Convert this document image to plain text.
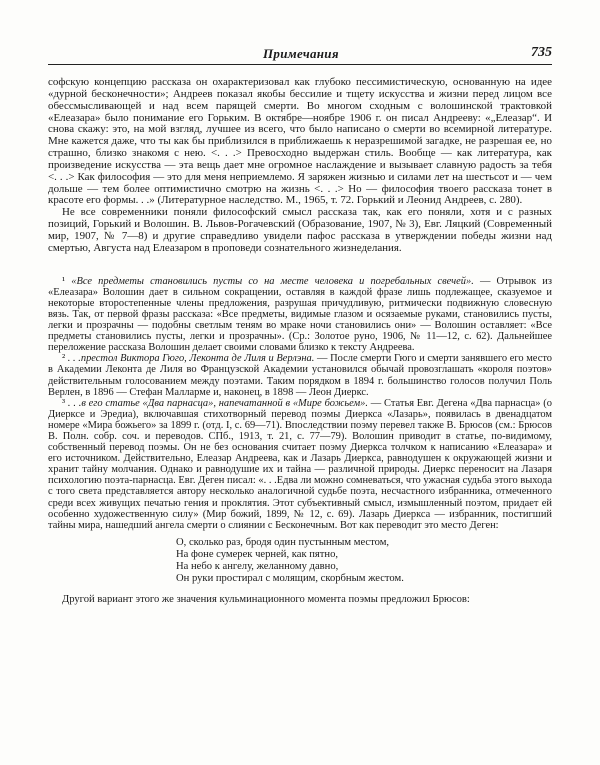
Примечания	735

софскую концепцию рассказа он охарактеризовал как глубоко пессимистическую, основанную на идее «дурной бесконечности»; Андреев показал якобы бессилие и тщету искусства и жизни перед лицом все обессмысливающей и над всем парящей смерти. Во многом сходным с волошинской трактовкой «Елеазара» было понимание его Горьким. В октябре—ноябре 1906 г. он писал Андрееву: «„Елеазар“. И снова скажу: это, на мой взгляд, лучшее из всего, что было написано о смерти во всемирной литературе. Мне кажется даже, что ты как бы приблизился в приближаешь к неразрешимой загадке, не разрешая ее, но страшно, близко знакомя с нею. <. . .> Превосходно выдержан стиль. Вообще — как литература, как произведение искусства — эта вещь дает мне огромное наслаждение и вызывает славную радость за тебя <. . .> Как философия — это для меня неприемлемо. Я заряжен жизнью и силами лет на шестьсот и — чем дольше — тем более оптимистично смотрю на жизнь <. . .> Но — философия твоего рассказа тонет в красоте его формы. . .» (Литературное наследство. М., 1965, т. 72. Горький и Леонид Андреев, с. 280).

Не все современники поняли философский смысл рассказа так, как его поняли, хотя и с разных позиций, Горький и Волошин. В. Львов-Рогачевский (Образование, 1907, № 3), Евг. Ляцкий (Современный мир, 1907, № 7—8) и другие справедливо увидели пафос рассказа в утверждении победы жизни над смертью, Августа над Елеазаром в проповеди сознательного жизнеделания.

¹ «Все предметы становились пусты со на месте человека и погребальных свечей». — Отрывок из «Елеазара» Волошин дает в сильном сокращении, оставляя в каждой фразе лишь подлежащее, сказуемое и некоторые второстепенные члены предложения, разрушая причудливую, ритмически подвижную словесную вязь. Так, от первой фразы рассказа: «Все предметы, видимые глазом и осязаемые руками, становились пусты, легки и прозрачны — подобны светлым теням во мраке ночи становились они» — Волошин оставляет: «Все предметы становились пусты, легки и прозрачны». (Ср.: Золотое руно, 1906, № 11—12, с. 62). Дальнейшее переложение рассказа Волошин делает своими словами близко к тексту Андреева.

² . . .престол Виктора Гюго, Леконта де Лиля и Верлэна. — После смерти Гюго и смерти занявшего его место в Академии Леконта де Лиля во Французской Академии установился обычай провозглашать «короля поэтов» действительным голосованием между поэтами. Таким порядком в 1894 г. большинство голосов получил Поль Верлен, в 1896 — Стефан Малларме и, наконец, в 1898 — Леон Диеркс.

³ . . .в его статье «Два парнасца», напечатанной в «Мире божьем». — Статья Евг. Дегена «Два парнасца» (о Диерксе и Эредиа), включавшая стихотворный перевод поэмы Диеркса «Лазарь», появилась в двенадцатом номере «Мира божьего» за 1899 г. (отд. I, с. 69—71). Впоследствии поэму перевел также В. Брюсов (см.: Брюсов В. Полн. собр. соч. и переводов. СПб., 1913, т. 21, с. 77—79). Волошин приводит в статье, по-видимому, собственный перевод поэмы. Он не без основания считает поэму Диеркса толчком к написанию «Елеазара» и его источником. Действительно, Елеазар Андреева, как и Лазарь Диеркса, равнодушен к окружающей жизни и хранит тайну молчания. Однако и равнодушие их и тайна — различной природы. Диеркс переносит на Лазаря психологию поэта-парнасца. Евг. Деген писал: «. . .Едва ли можно сомневаться, что ужасная судьба этого выхода с того света представляется автору несколько аналогичной судьбе поэта, несчастного избранника, отмеченного среди всех живущих печатью гения и проклятия. Этот субъективный смысл, измышленный поэтом, придает ей особенно художественную силу» (Мир божий, 1899, № 12, с. 69). Лазарь Диеркса — избранник, постигший тайны мира, нашедший ангела смерти о слиянии с Бесконечным. Вот как переводит это место Деген:

О, сколько раз, бродя один пустынным местом,
На фоне сумерек черней, как пятно,
На небо к ангелу, желанному давно,
Он руки простирал с молящим, скорбным жестом.

Другой вариант этого же значения кульминационного момента поэмы предложил Брюсов:
